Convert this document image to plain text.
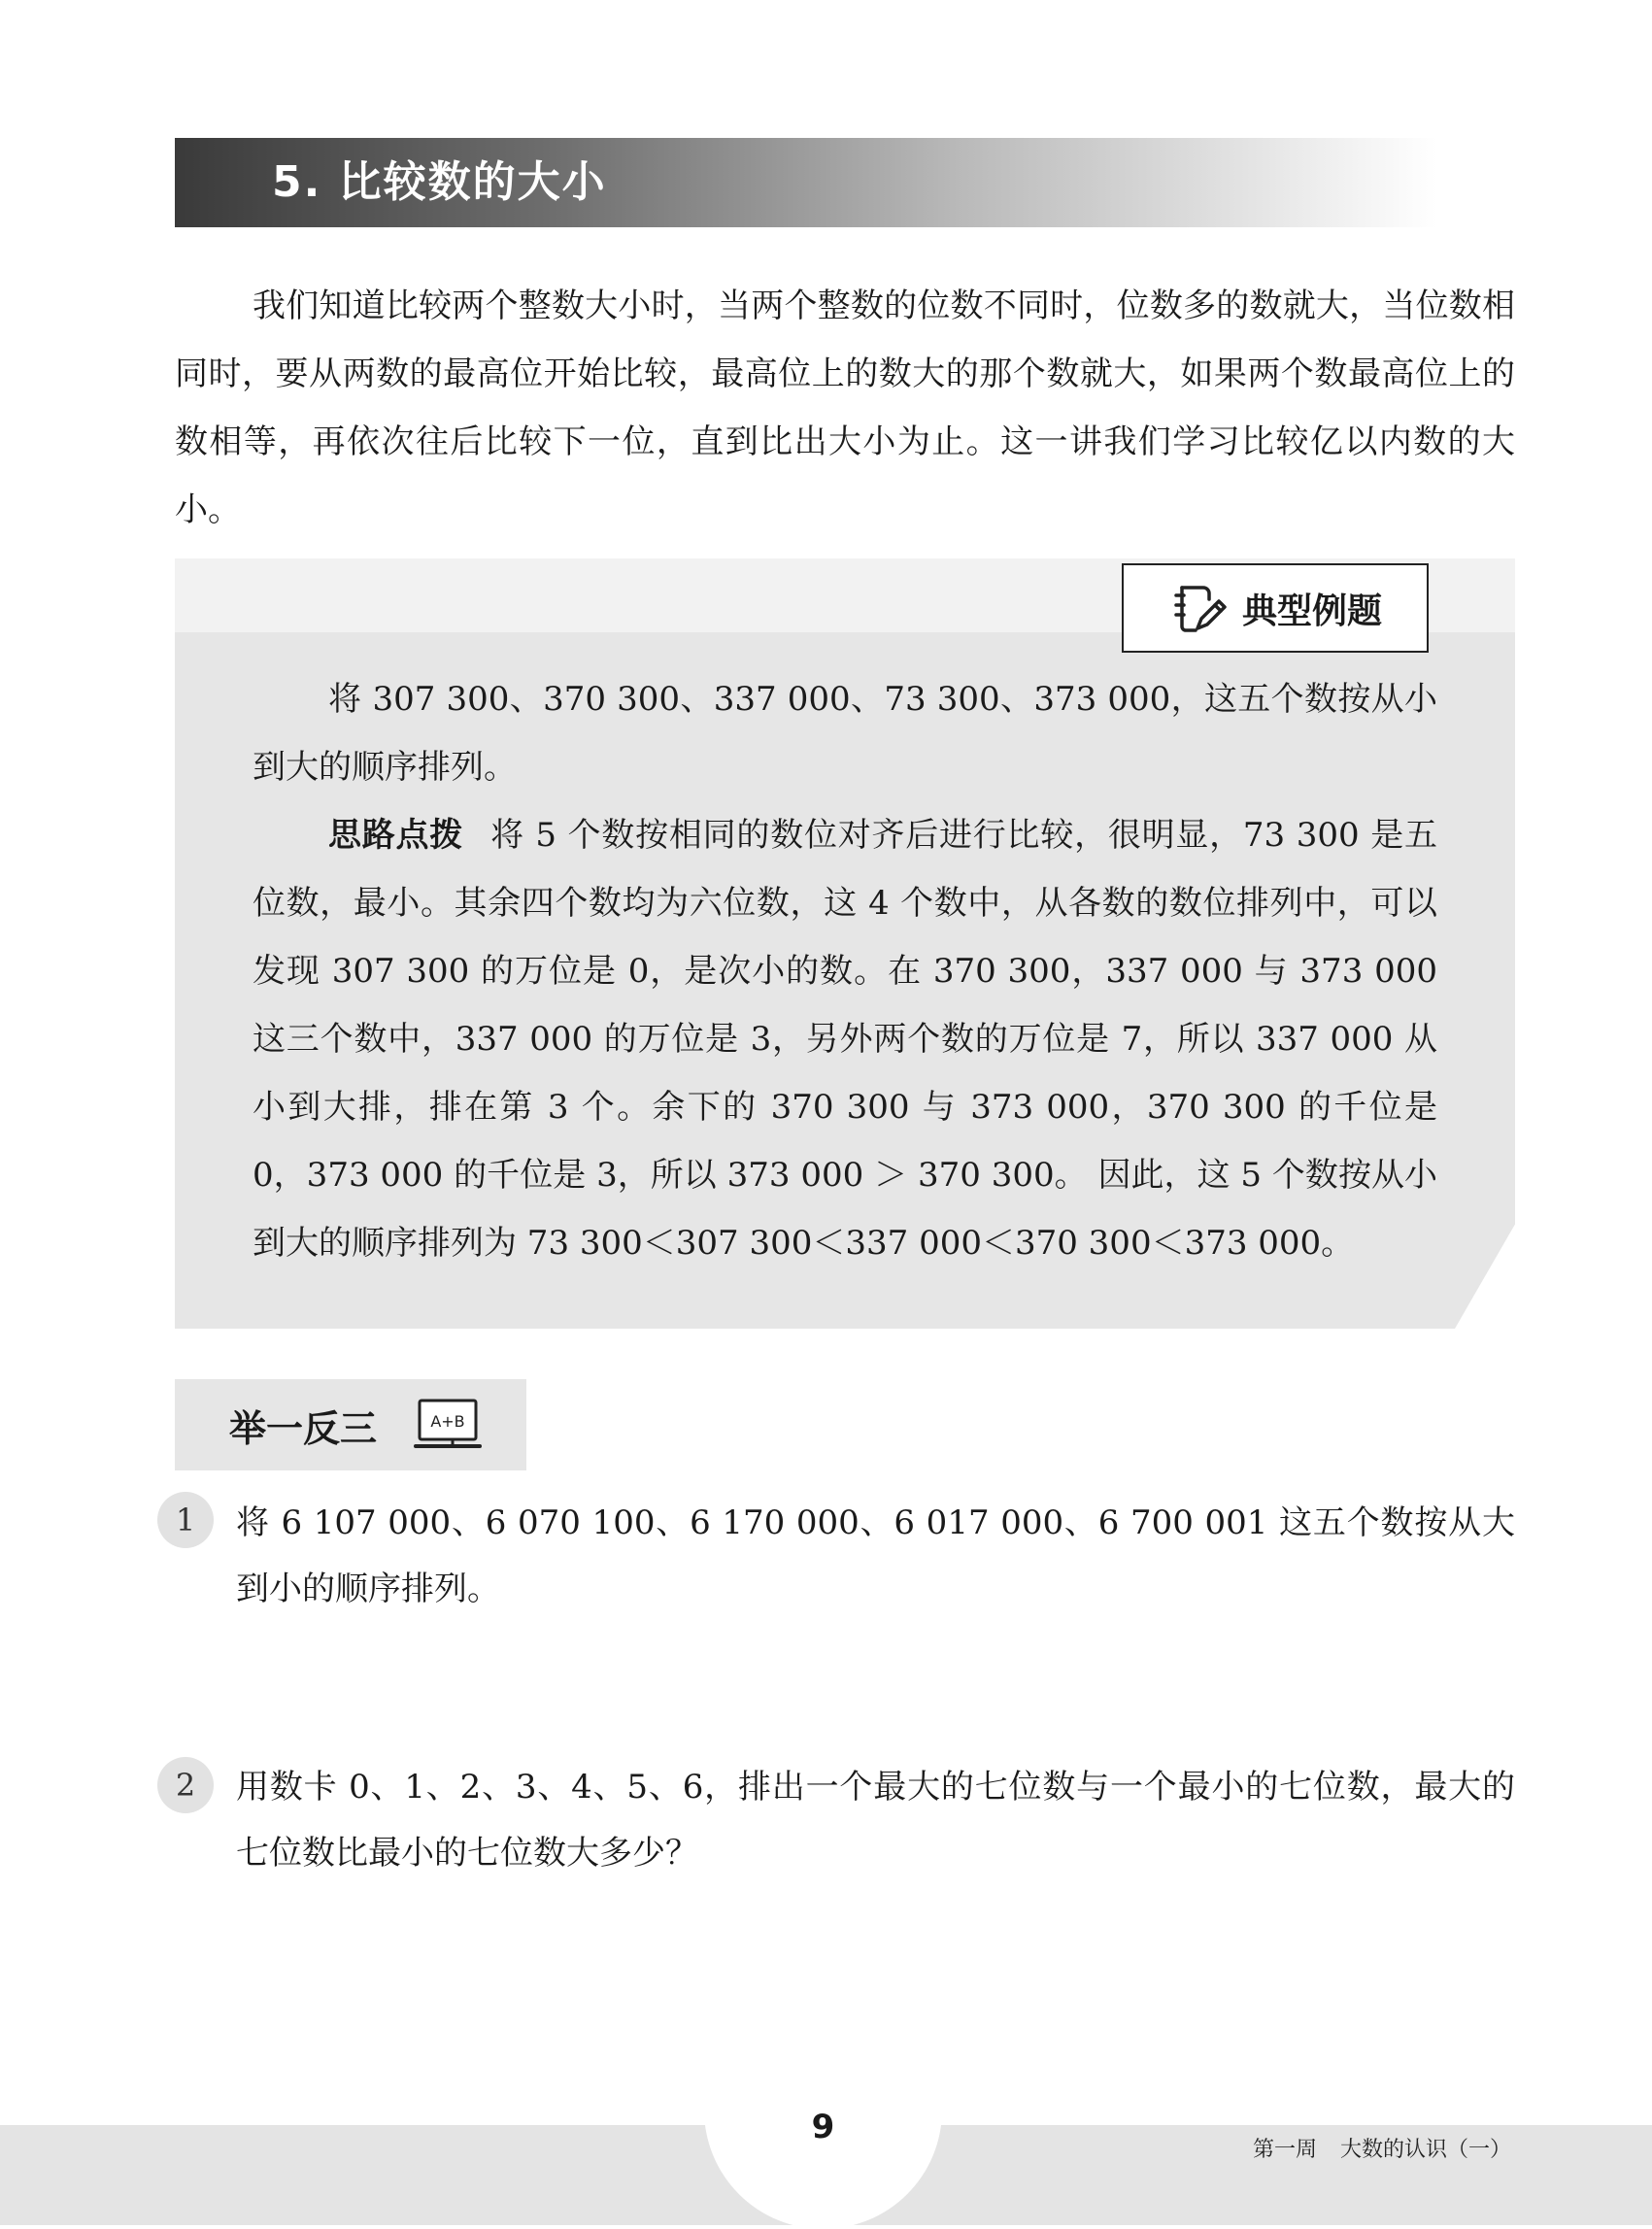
5. 比较数的大小

我们知道比较两个整数大小时，当两个整数的位数不同时，位数多的数就大，当位数相同时，要从两数的最高位开始比较，最高位上的数大的那个数就大，如果两个数最高位上的数相等，再依次往后比较下一位，直到比出大小为止。这一讲我们学习比较亿以内数的大小。

典型例题

将 307 300、370 300、337 000、73 300、373 000，这五个数按从小到大的顺序排列。

思路点拨 将 5 个数按相同的数位对齐后进行比较，很明显，73 300 是五位数，最小。其余四个数均为六位数，这 4 个数中，从各数的数位排列中，可以发现 307 300 的万位是 0，是次小的数。在 370 300，337 000 与 373 000 这三个数中，337 000 的万位是 3，另外两个数的万位是 7，所以 337 000 从小到大排，排在第 3 个。余下的 370 300 与 373 000，370 300 的千位是 0，373 000 的千位是 3，所以 373 000 ＞ 370 300。 因此，这 5 个数按从小到大的顺序排列为 73 300＜307 300＜337 000＜370 300＜373 000。

举一反三	A+B
1	将 6 107 000、6 070 100、6 170 000、6 017 000、6 700 001 这五个数按从大到小的顺序排列。

2	用数卡 0、1、2、3、4、5、6，排出一个最大的七位数与一个最小的七位数，最大的七位数比最小的七位数大多少？

9
第一周 大数的认识（一）
